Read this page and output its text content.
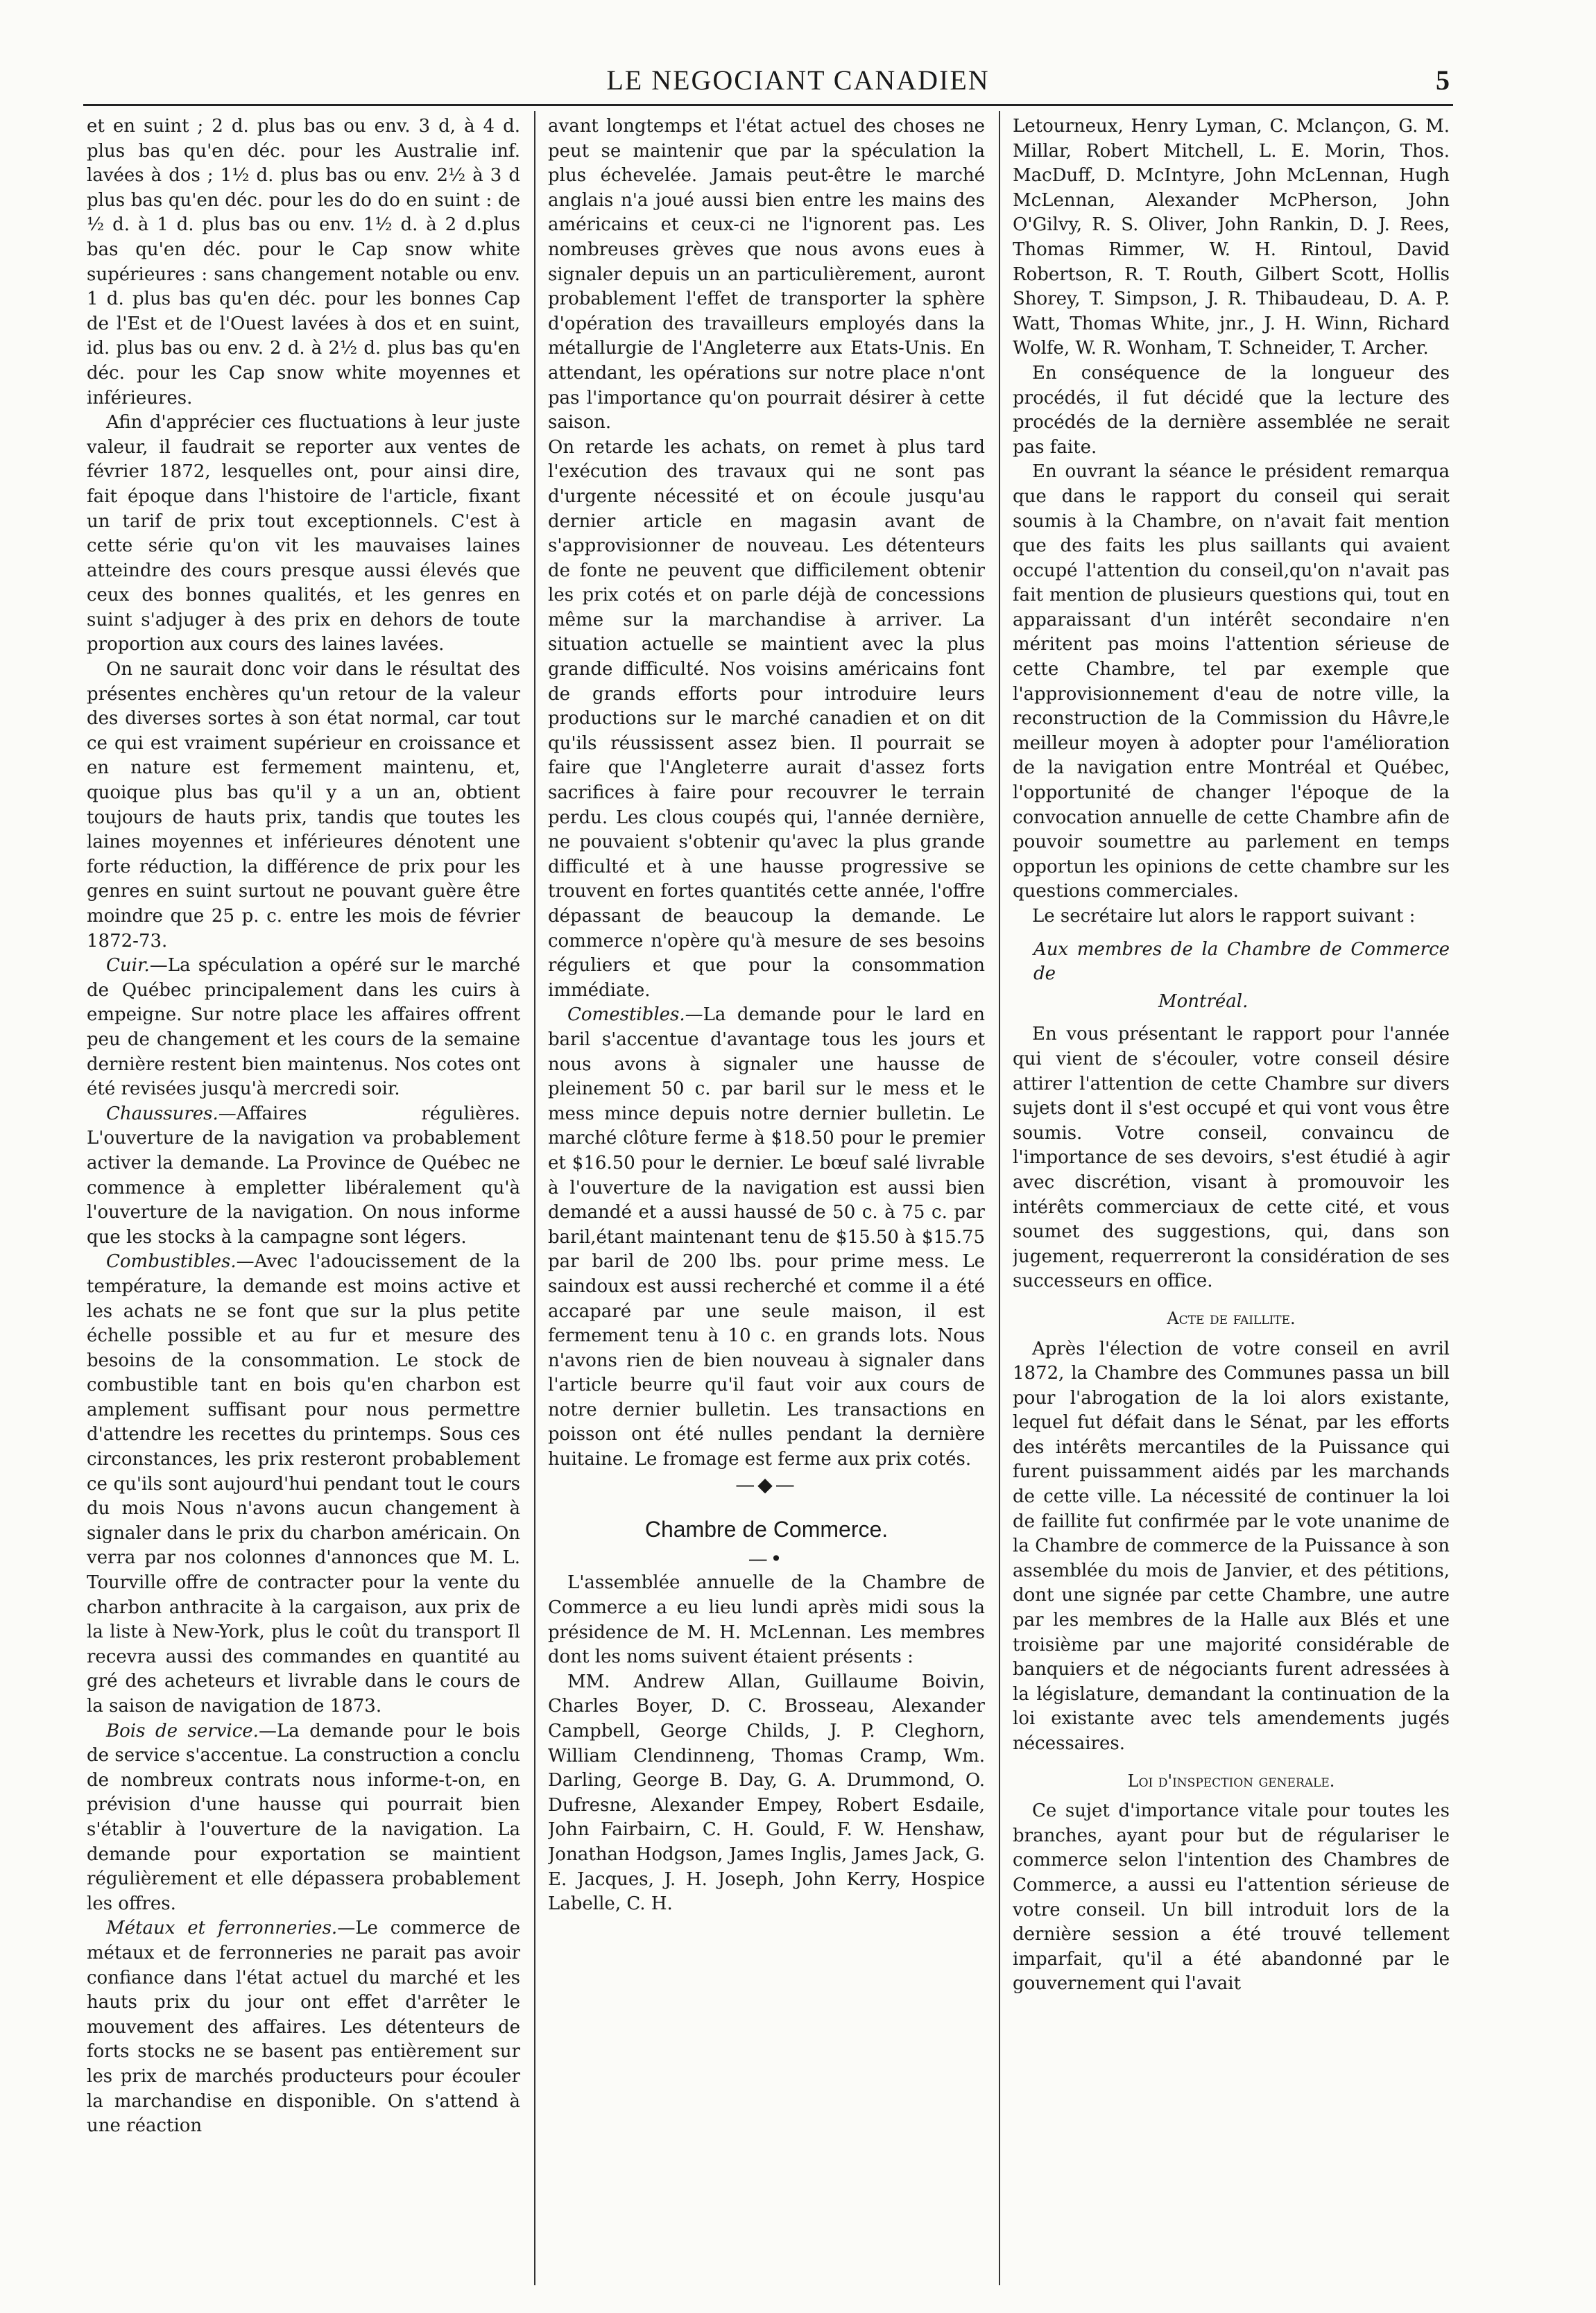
LE NEGOCIANT CANADIEN	5

et en suint ; 2 d. plus bas ou env. 3 d, à 4 d. plus bas qu'en déc. pour les Australie inf. lavées à dos ; 1½ d. plus bas ou env. 2½ à 3 d plus bas qu'en déc. pour les do do en suint : de ½ d. à 1 d. plus bas ou env. 1½ d. à 2 d.plus bas qu'en déc. pour le Cap snow white supérieures : sans changement notable ou env. 1 d. plus bas qu'en déc. pour les bonnes Cap de l'Est et de l'Ouest lavées à dos et en suint, id. plus bas ou env. 2 d. à 2½ d. plus bas qu'en déc. pour les Cap snow white moyennes et inférieures.

Afin d'apprécier ces fluctuations à leur juste valeur, il faudrait se reporter aux ventes de février 1872, lesquelles ont, pour ainsi dire, fait époque dans l'histoire de l'article, fixant un tarif de prix tout exceptionnels. C'est à cette série qu'on vit les mauvaises laines atteindre des cours presque aussi élevés que ceux des bonnes qualités, et les genres en suint s'adjuger à des prix en dehors de toute proportion aux cours des laines lavées.

On ne saurait donc voir dans le résultat des présentes enchères qu'un retour de la valeur des diverses sortes à son état normal, car tout ce qui est vraiment supérieur en croissance et en nature est fermement maintenu, et, quoique plus bas qu'il y a un an, obtient toujours de hauts prix, tandis que toutes les laines moyennes et inférieures dénotent une forte réduction, la différence de prix pour les genres en suint surtout ne pouvant guère être moindre que 25 p. c. entre les mois de février 1872-73.

Cuir.—La spéculation a opéré sur le marché de Québec principalement dans les cuirs à empeigne. Sur notre place les affaires offrent peu de changement et les cours de la semaine dernière restent bien maintenus. Nos cotes ont été revisées jusqu'à mercredi soir.

Chaussures.—Affaires régulières. L'ouverture de la navigation va probablement activer la demande. La Province de Québec ne commence à empletter libéralement qu'à l'ouverture de la navigation. On nous informe que les stocks à la campagne sont légers.

Combustibles.—Avec l'adoucissement de la température, la demande est moins active et les achats ne se font que sur la plus petite échelle possible et au fur et mesure des besoins de la consommation. Le stock de combustible tant en bois qu'en charbon est amplement suffisant pour nous permettre d'attendre les recettes du printemps. Sous ces circonstances, les prix resteront probablement ce qu'ils sont aujourd'hui pendant tout le cours du mois Nous n'avons aucun changement à signaler dans le prix du charbon américain. On verra par nos colonnes d'annonces que M. L. Tourville offre de contracter pour la vente du charbon anthracite à la cargaison, aux prix de la liste à New-York, plus le coût du transport Il recevra aussi des commandes en quantité au gré des acheteurs et livrable dans le cours de la saison de navigation de 1873.

Bois de service.—La demande pour le bois de service s'accentue. La construction a conclu de nombreux contrats nous informe-t-on, en prévision d'une hausse qui pourrait bien s'établir à l'ouverture de la navigation. La demande pour exportation se maintient régulièrement et elle dépassera probablement les offres.

Métaux et ferronneries.—Le commerce de métaux et de ferronneries ne parait pas avoir confiance dans l'état actuel du marché et les hauts prix du jour ont effet d'arrêter le mouvement des affaires. Les détenteurs de forts stocks ne se basent pas entièrement sur les prix de marchés producteurs pour écouler la marchandise en disponible. On s'attend à une réaction

avant longtemps et l'état actuel des choses ne peut se maintenir que par la spéculation la plus échevelée. Jamais peut-être le marché anglais n'a joué aussi bien entre les mains des américains et ceux-ci ne l'ignorent pas. Les nombreuses grèves que nous avons eues à signaler depuis un an particulièrement, auront probablement l'effet de transporter la sphère d'opération des travailleurs employés dans la métallurgie de l'Angleterre aux Etats-Unis. En attendant, les opérations sur notre place n'ont pas l'importance qu'on pourrait désirer à cette saison.

On retarde les achats, on remet à plus tard l'exécution des travaux qui ne sont pas d'urgente nécessité et on écoule jusqu'au dernier article en magasin avant de s'approvisionner de nouveau. Les détenteurs de fonte ne peuvent que difficilement obtenir les prix cotés et on parle déjà de concessions même sur la marchandise à arriver. La situation actuelle se maintient avec la plus grande difficulté. Nos voisins américains font de grands efforts pour introduire leurs productions sur le marché canadien et on dit qu'ils réussissent assez bien. Il pourrait se faire que l'Angleterre aurait d'assez forts sacrifices à faire pour recouvrer le terrain perdu. Les clous coupés qui, l'année dernière, ne pouvaient s'obtenir qu'avec la plus grande difficulté et à une hausse progressive se trouvent en fortes quantités cette année, l'offre dépassant de beaucoup la demande. Le commerce n'opère qu'à mesure de ses besoins réguliers et que pour la consommation immédiate.

Comestibles.—La demande pour le lard en baril s'accentue d'avantage tous les jours et nous avons à signaler une hausse de pleinement 50 c. par baril sur le mess et le mess mince depuis notre dernier bulletin. Le marché clôture ferme à $18.50 pour le premier et $16.50 pour le dernier. Le bœuf salé livrable à l'ouverture de la navigation est aussi bien demandé et a aussi haussé de 50 c. à 75 c. par baril,étant maintenant tenu de $15.50 à $15.75 par baril de 200 lbs. pour prime mess. Le saindoux est aussi recherché et comme il a été accaparé par une seule maison, il est fermement tenu à 10 c. en grands lots. Nous n'avons rien de bien nouveau à signaler dans l'article beurre qu'il faut voir aux cours de notre dernier bulletin. Les transactions en poisson ont été nulles pendant la dernière huitaine. Le fromage est ferme aux prix cotés.

—◆—
Chambre de Commerce.
—•

L'assemblée annuelle de la Chambre de Commerce a eu lieu lundi après midi sous la présidence de M. H. McLennan. Les membres dont les noms suivent étaient présents :

MM. Andrew Allan, Guillaume Boivin, Charles Boyer, D. C. Brosseau, Alexander Campbell, George Childs, J. P. Cleghorn, William Clendinneng, Thomas Cramp, Wm. Darling, George B. Day, G. A. Drummond, O. Dufresne, Alexander Empey, Robert Esdaile, John Fairbairn, C. H. Gould, F. W. Henshaw, Jonathan Hodgson, James Inglis, James Jack, G. E. Jacques, J. H. Joseph, John Kerry, Hospice Labelle, C. H.

Letourneux, Henry Lyman, C. Mclançon, G. M. Millar, Robert Mitchell, L. E. Morin, Thos. MacDuff, D. McIntyre, John McLennan, Hugh McLennan, Alexander McPherson, John O'Gilvy, R. S. Oliver, John Rankin, D. J. Rees, Thomas Rimmer, W. H. Rintoul, David Robertson, R. T. Routh, Gilbert Scott, Hollis Shorey, T. Simpson, J. R. Thibaudeau, D. A. P. Watt, Thomas White, jnr., J. H. Winn, Richard Wolfe, W. R. Wonham, T. Schneider, T. Archer.

En conséquence de la longueur des procédés, il fut décidé que la lecture des procédés de la dernière assemblée ne serait pas faite.

En ouvrant la séance le président remarqua que dans le rapport du conseil qui serait soumis à la Chambre, on n'avait fait mention que des faits les plus saillants qui avaient occupé l'attention du conseil,qu'on n'avait pas fait mention de plusieurs questions qui, tout en apparaissant d'un intérêt secondaire n'en méritent pas moins l'attention sérieuse de cette Chambre, tel par exemple que l'approvisionnement d'eau de notre ville, la reconstruction de la Commission du Hâvre,le meilleur moyen à adopter pour l'amélioration de la navigation entre Montréal et Québec, l'opportunité de changer l'époque de la convocation annuelle de cette Chambre afin de pouvoir soumettre au parlement en temps opportun les opinions de cette chambre sur les questions commerciales.

Le secrétaire lut alors le rapport suivant :

Aux membres de la Chambre de Commerce de

Montréal.

En vous présentant le rapport pour l'année qui vient de s'écouler, votre conseil désire attirer l'attention de cette Chambre sur divers sujets dont il s'est occupé et qui vont vous être soumis. Votre conseil, convaincu de l'importance de ses devoirs, s'est étudié à agir avec discrétion, visant à promouvoir les intérêts commerciaux de cette cité, et vous soumet des suggestions, qui, dans son jugement, requerreront la considération de ses successeurs en office.

Acte de faillite.

Après l'élection de votre conseil en avril 1872, la Chambre des Communes passa un bill pour l'abrogation de la loi alors existante, lequel fut défait dans le Sénat, par les efforts des intérêts mercantiles de la Puissance qui furent puissamment aidés par les marchands de cette ville. La nécessité de continuer la loi de faillite fut confirmée par le vote unanime de la Chambre de commerce de la Puissance à son assemblée du mois de Janvier, et des pétitions, dont une signée par cette Chambre, une autre par les membres de la Halle aux Blés et une troisième par une majorité considérable de banquiers et de négociants furent adressées à la législature, demandant la continuation de la loi existante avec tels amendements jugés nécessaires.

Loi d'inspection generale.

Ce sujet d'importance vitale pour toutes les branches, ayant pour but de régulariser le commerce selon l'intention des Chambres de Commerce, a aussi eu l'attention sérieuse de votre conseil. Un bill introduit lors de la dernière session a été trouvé tellement imparfait, qu'il a été abandonné par le gouvernement qui l'avait
